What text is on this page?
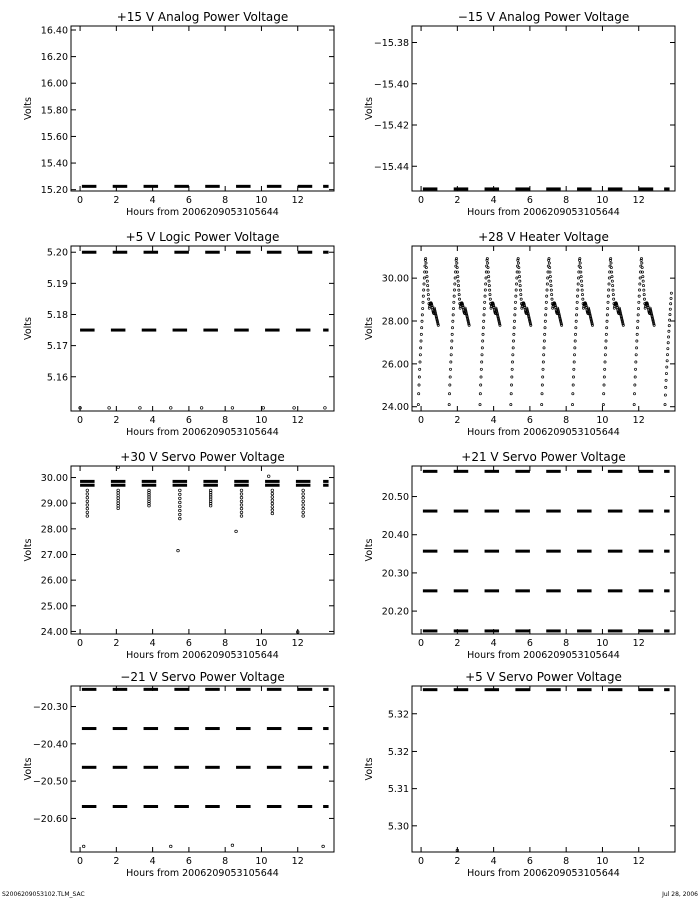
+15 V Analog Power Voltage
0	2	4	6	8	10	12
Hours from 2006209053105644
15.20
15.40
15.60
15.80
16.00
16.20
16.40
Volts
−15 V Analog Power Voltage
0	2	4	6	8	10	12
Hours from 2006209053105644
−15.44
−15.42
−15.40
−15.38
Volts
+5 V Logic Power Voltage
0	2	4	6	8	10	12
Hours from 2006209053105644
5.16
5.17
5.18
5.19
5.20
Volts
+28 V Heater Voltage
0	2	4	6	8	10	12
Hours from 2006209053105644
24.00
26.00
28.00
30.00
Volts
+30 V Servo Power Voltage
0	2	4	6	8	10	12
Hours from 2006209053105644
24.00
25.00
26.00
27.00
28.00
29.00
30.00
Volts
+21 V Servo Power Voltage
0	2	4	6	8	10	12
Hours from 2006209053105644
20.20
20.30
20.40
20.50
Volts
−21 V Servo Power Voltage
0	2	4	6	8	10	12
Hours from 2006209053105644
−20.60
−20.50
−20.40
−20.30
Volts
+5 V Servo Power Voltage
0	2	4	6	8	10	12
Hours from 2006209053105644
5.30
5.31
5.32
5.32
Volts
S2006209053102.TLM_SAC	Jul 28, 2006
